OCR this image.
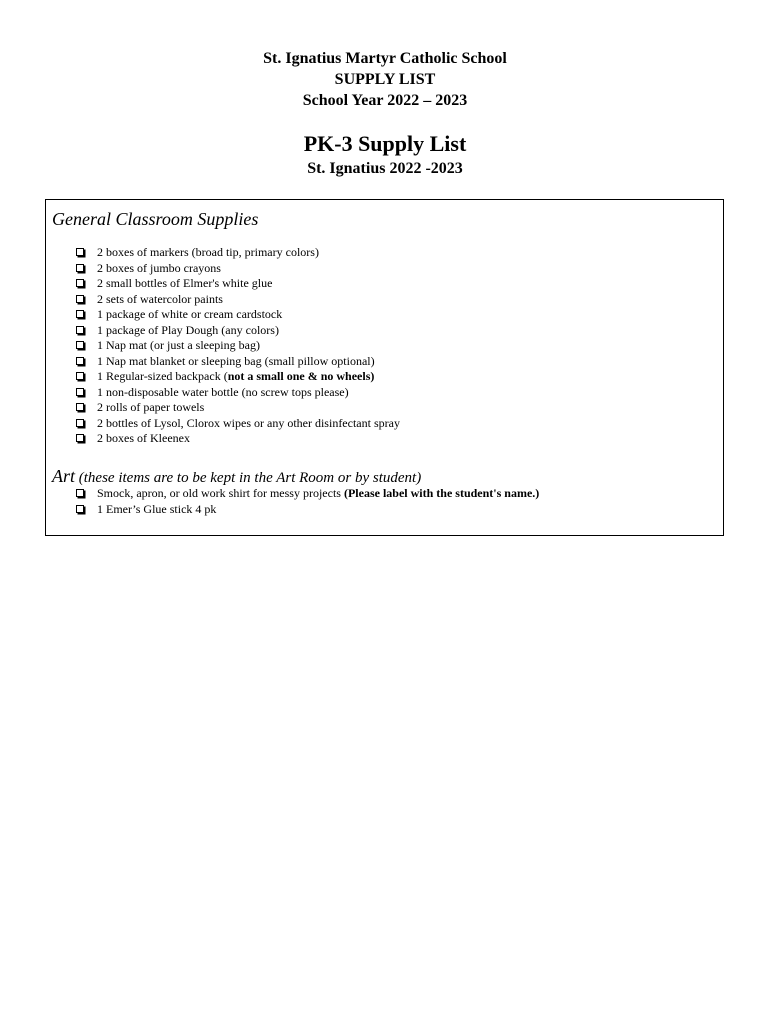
St. Ignatius Martyr Catholic School
SUPPLY LIST
School Year 2022 – 2023
PK-3 Supply List
St. Ignatius 2022 -2023
General Classroom Supplies
2 boxes of markers (broad tip, primary colors)
2 boxes of jumbo crayons
2 small bottles of Elmer's white glue
2 sets of watercolor paints
1 package of white or cream cardstock
1 package of Play Dough (any colors)
1 Nap mat (or just a sleeping bag)
1 Nap mat blanket or sleeping bag (small pillow optional)
1 Regular-sized backpack (not a small one & no wheels)
1 non-disposable water bottle (no screw tops please)
2 rolls of paper towels
2 bottles of Lysol, Clorox wipes or any other disinfectant spray
2 boxes of Kleenex
Art (these items are to be kept in the Art Room or by student)
Smock, apron, or old work shirt for messy projects (Please label with the student's name.)
1 Emer’s Glue stick 4 pk
